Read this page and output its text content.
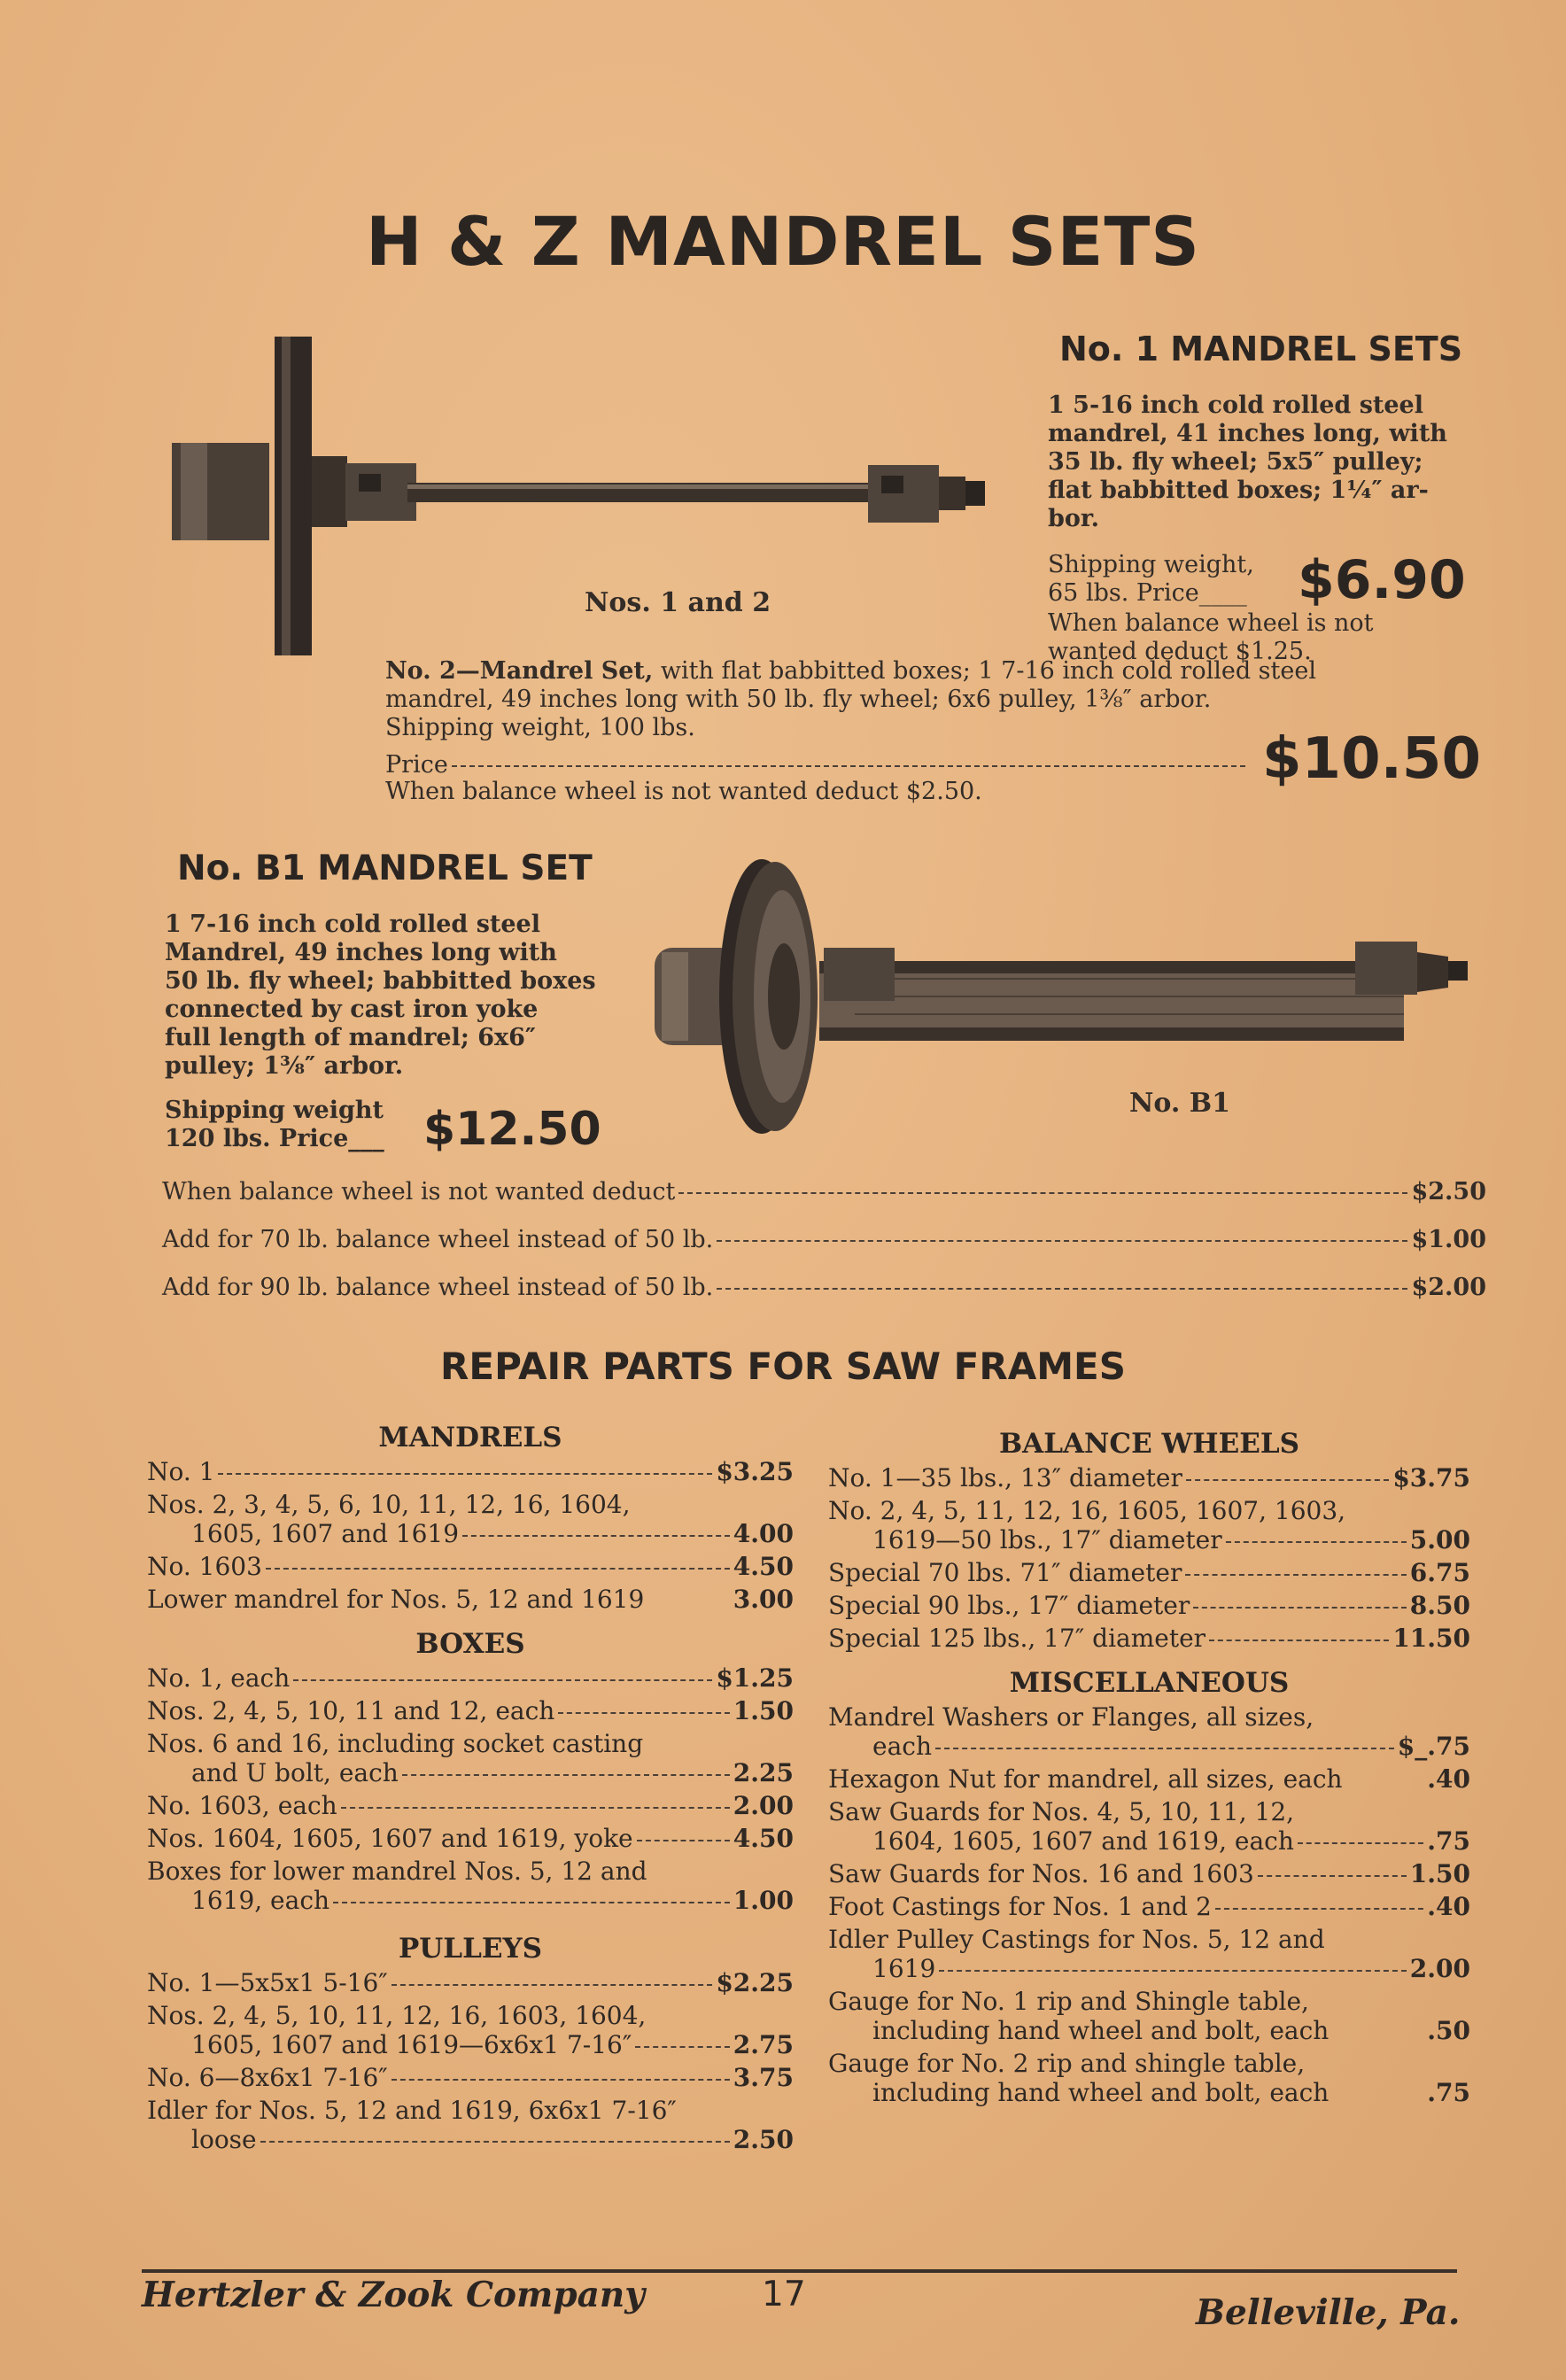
H & Z MANDREL SETS
Nos. 1 and 2
No. 1 MANDREL SETS
1 5-16 inch cold rolled steel
mandrel, 41 inches long, with
35 lb. fly wheel; 5x5″ pulley;
flat babbitted boxes; 1¼″ ar-
bor.
Shipping weight,
65 lbs. Price____ $6.90
When balance wheel is not
wanted deduct $1.25.
No. 2—Mandrel Set, with flat babbitted boxes; 1 7-16 inch cold rolled steel
mandrel, 49 inches long with 50 lb. fly wheel; 6x6 pulley, 1⅜″ arbor.
Shipping weight, 100 lbs.
Price	$10.50
When balance wheel is not wanted deduct $2.50.
No. B1 MANDREL SET
1 7-16 inch cold rolled steel
Mandrel, 49 inches long with
50 lb. fly wheel; babbitted boxes
connected by cast iron yoke
full length of mandrel; 6x6″
pulley; 1⅜″ arbor.
Shipping weight
120 lbs. Price___ $12.50	No. B1
When balance wheel is not wanted deduct	$2.50
Add for 70 lb. balance wheel instead of 50 lb.	$1.00
Add for 90 lb. balance wheel instead of 50 lb.	$2.00
REPAIR PARTS FOR SAW FRAMES
MANDRELS
No. 1	$3.25
Nos. 2, 3, 4, 5, 6, 10, 11, 12, 16, 1604,
1605, 1607 and 1619	4.00
No. 1603	4.50
Lower mandrel for Nos. 5, 12 and 1619	3.00
BOXES
No. 1, each	$1.25
Nos. 2, 4, 5, 10, 11 and 12, each	1.50
Nos. 6 and 16, including socket casting
and U bolt, each	2.25
No. 1603, each	2.00
Nos. 1604, 1605, 1607 and 1619, yoke	4.50
Boxes for lower mandrel Nos. 5, 12 and
1619, each	1.00
PULLEYS
No. 1—5x5x1 5-16″	$2.25
Nos. 2, 4, 5, 10, 11, 12, 16, 1603, 1604,
1605, 1607 and 1619—6x6x1 7-16″	2.75
No. 6—8x6x1 7-16″	3.75
Idler for Nos. 5, 12 and 1619, 6x6x1 7-16″
loose	2.50
BALANCE WHEELS
No. 1—35 lbs., 13″ diameter	$3.75
No. 2, 4, 5, 11, 12, 16, 1605, 1607, 1603,
1619—50 lbs., 17″ diameter	5.00
Special 70 lbs. 71″ diameter	6.75
Special 90 lbs., 17″ diameter	8.50
Special 125 lbs., 17″ diameter	11.50
MISCELLANEOUS
Mandrel Washers or Flanges, all sizes,
each	$_.75
Hexagon Nut for mandrel, all sizes, each	.40
Saw Guards for Nos. 4, 5, 10, 11, 12,
1604, 1605, 1607 and 1619, each	.75
Saw Guards for Nos. 16 and 1603	1.50
Foot Castings for Nos. 1 and 2	.40
Idler Pulley Castings for Nos. 5, 12 and
1619	2.00
Gauge for No. 1 rip and Shingle table,
including hand wheel and bolt, each	.50
Gauge for No. 2 rip and shingle table,
including hand wheel and bolt, each	.75
Hertzler & Zook Company	17	Belleville, Pa.
